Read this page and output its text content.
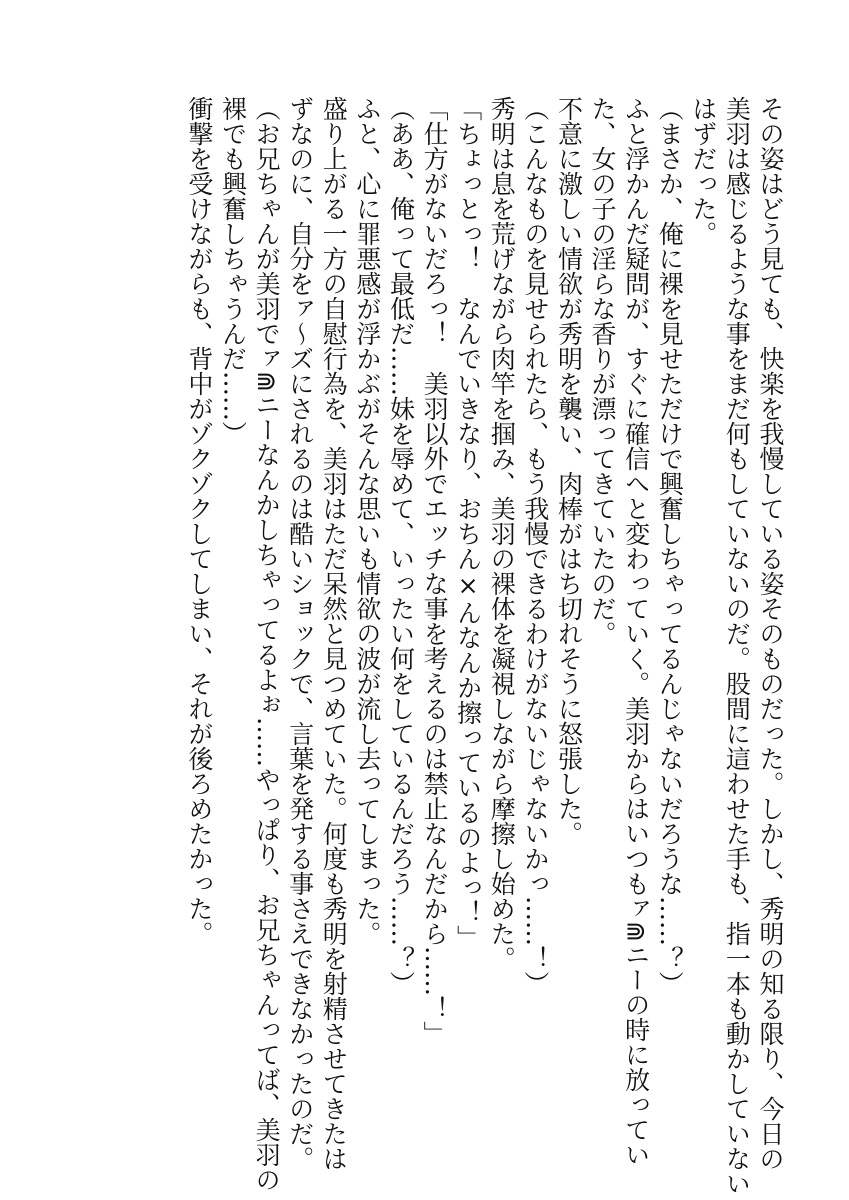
その姿はどう見ても、快楽を我慢している姿そのものだった。しかし、秀明の知る限り、今日の
美羽は感じるような事をまだ何もしていないのだ。股間に這わせた手も、指一本も動かしていない
はずだった。
（まさか、俺に裸を見せただけで興奮しちゃってるんじゃないだろうな……？）
ふと浮かんだ疑問が、すぐに確信へと変わっていく。美羽からはいつもァ⋒ニーの時に放ってい
た、女の子の淫らな香りが漂ってきていたのだ。
不意に激しい情欲が秀明を襲い、肉棒がはち切れそうに怒張した。
（こんなものを見せられたら、もう我慢できるわけがないじゃないかっ……！）
秀明は息を荒げながら肉竿を掴み、美羽の裸体を凝視しながら摩擦し始めた。
「ちょっとっ！　なんでいきなり、おちん×んなんか擦っているのよっ！」
「仕方がないだろっ！　美羽以外でエッチな事を考えるのは禁止なんだから……！」
（ああ、俺って最低だ……妹を辱めて、いったい何をしているんだろう……？）
ふと、心に罪悪感が浮かぶがそんな思いも情欲の波が流し去ってしまった。
盛り上がる一方の自慰行為を、美羽はただ呆然と見つめていた。何度も秀明を射精させてきたは
ずなのに、自分をァ～ズにされるのは酷いショックで、言葉を発する事さえできなかったのだ。
（お兄ちゃんが美羽でァ⋒ニーなんかしちゃってるよぉ……やっぱり、お兄ちゃんってば、美羽の
裸でも興奮しちゃうんだ……）
衝撃を受けながらも、背中がゾクゾクしてしまい、それが後ろめたかった。
